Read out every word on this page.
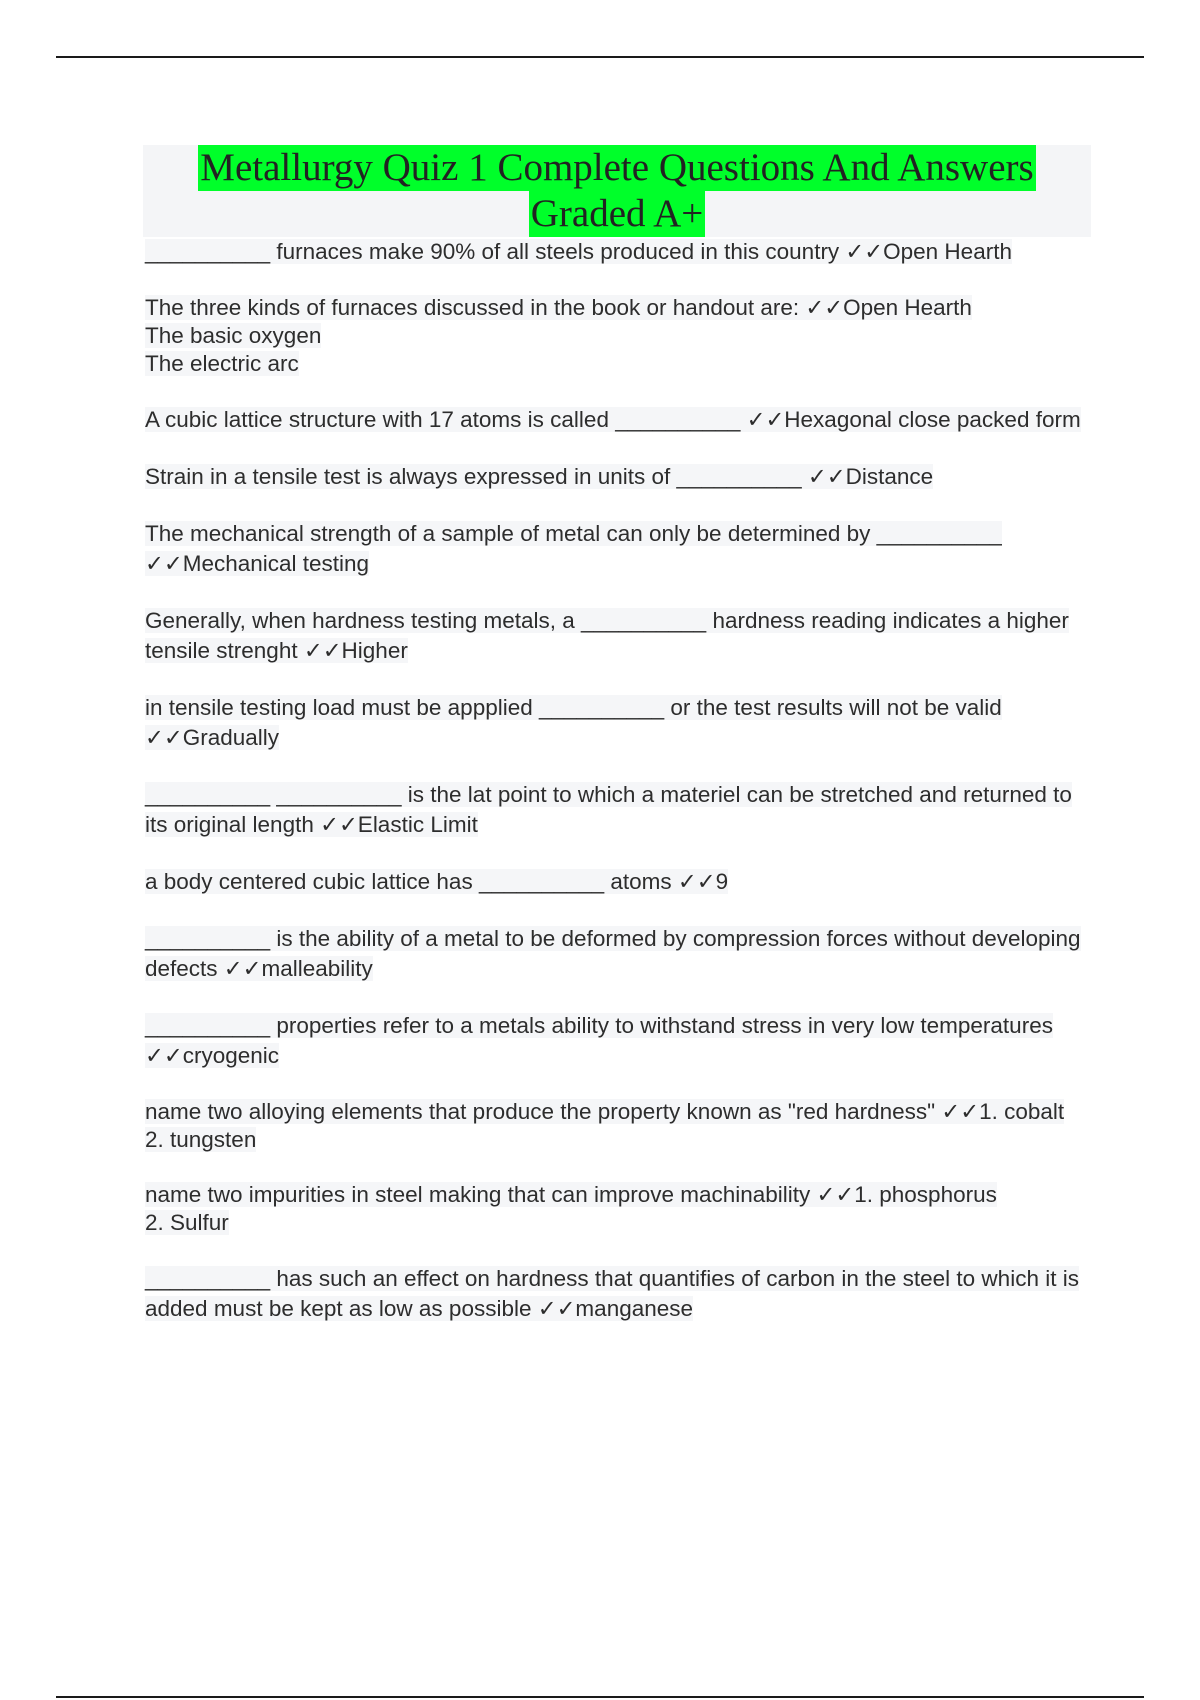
Metallurgy Quiz 1 Complete Questions And Answers
Graded A+
__________ furnaces make 90% of all steels produced in this country ✓✓Open Hearth
The three kinds of furnaces discussed in the book or handout are: ✓✓Open Hearth
The basic oxygen
The electric arc
A cubic lattice structure with 17 atoms is called __________ ✓✓Hexagonal close packed form
Strain in a tensile test is always expressed in units of __________ ✓✓Distance
The mechanical strength of a sample of metal can only be determined by __________ ✓✓Mechanical testing
Generally, when hardness testing metals, a __________ hardness reading indicates a higher tensile strenght ✓✓Higher
in tensile testing load must be appplied __________ or the test results will not be valid ✓✓Gradually
__________ __________ is the lat point to which a materiel can be stretched and returned to its original length ✓✓Elastic Limit
a body centered cubic lattice has __________ atoms ✓✓9
__________ is the ability of a metal to be deformed by compression forces without developing defects ✓✓malleability
__________ properties refer to a metals ability to withstand stress in very low temperatures ✓✓cryogenic
name two alloying elements that produce the property known as "red hardness" ✓✓1. cobalt
2. tungsten
name two impurities in steel making that can improve machinability ✓✓1. phosphorus
2. Sulfur
__________ has such an effect on hardness that quantifies of carbon in the steel to which it is added must be kept as low as possible ✓✓manganese
